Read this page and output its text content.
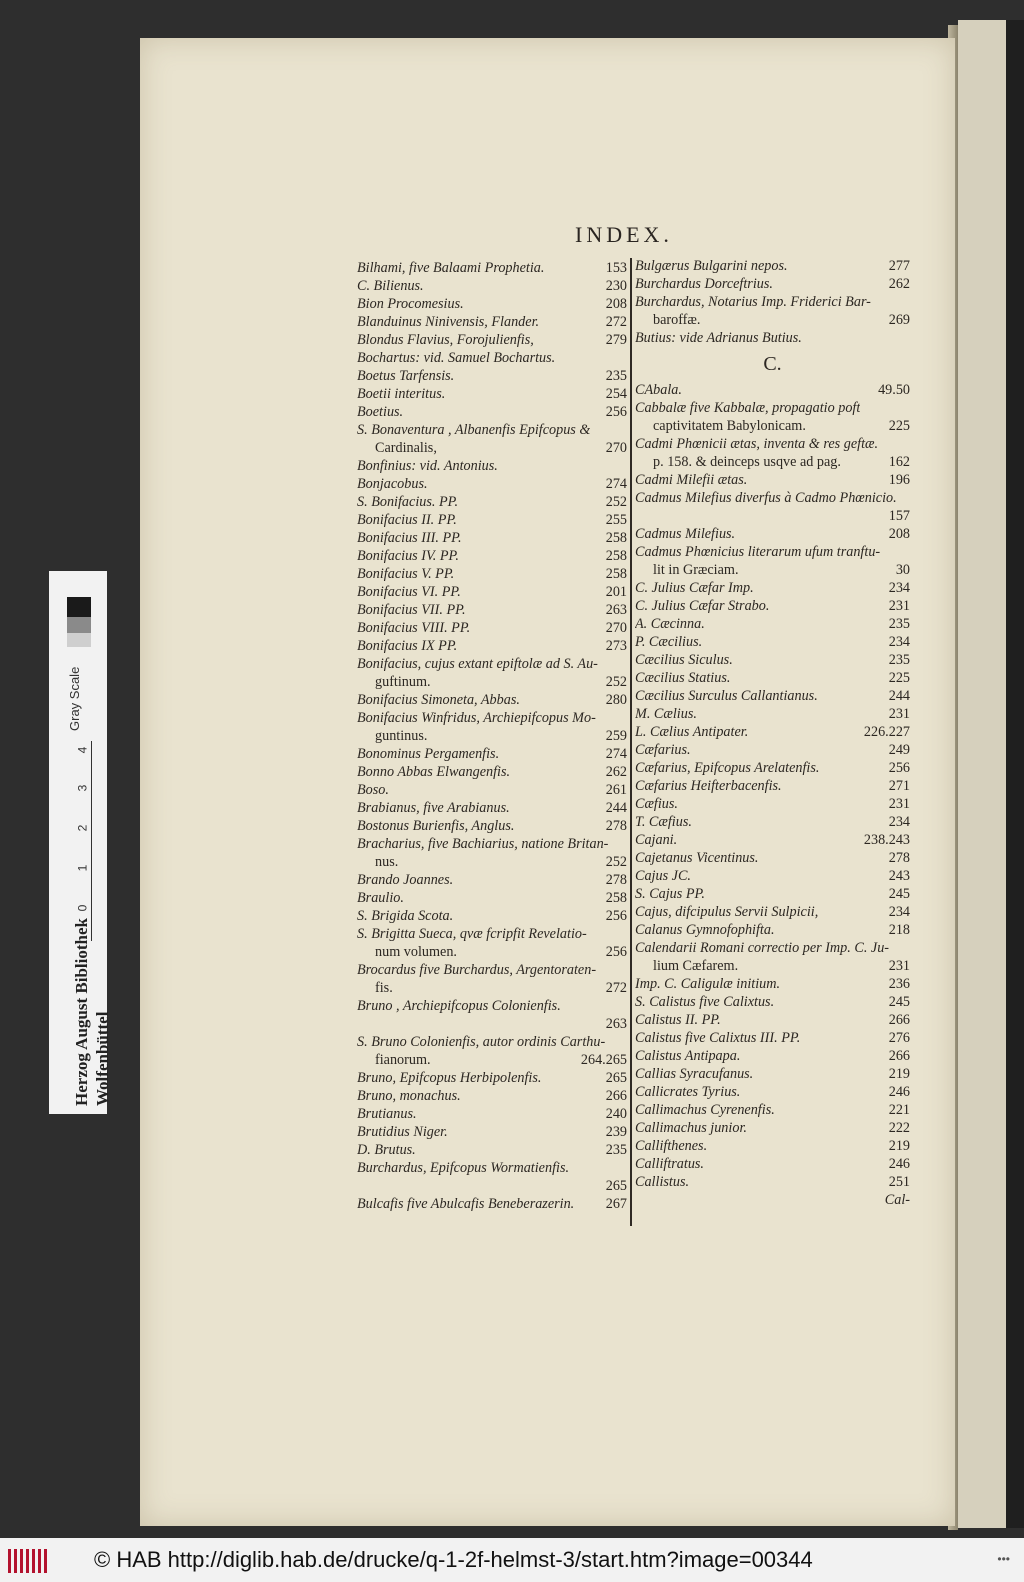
INDEX.
Bilhami, five Balaami Prophetia.	153
C. Bilienus.	230
Bion Procomesius.	208
Blanduinus Ninivensis, Flander.	272
Blondus Flavius, Forojulienfis,	279
Bochartus: vid. Samuel Bochartus.
Boetus Tarfensis.	235
Boetii interitus.	254
Boetius.	256
S. Bonaventura , Albanenfis Epifcopus &
Cardinalis,	270
Bonfinius: vid. Antonius.
Bonjacobus.	274
S. Bonifacius. PP.	252
Bonifacius II. PP.	255
Bonifacius III. PP.	258
Bonifacius IV. PP.	258
Bonifacius V. PP.	258
Bonifacius VI. PP.	201
Bonifacius VII. PP.	263
Bonifacius VIII. PP.	270
Bonifacius IX PP.	273
Bonifacius, cujus extant epiftolæ ad S. Au-
guftinum.	252
Bonifacius Simoneta, Abbas.	280
Bonifacius Winfridus, Archiepifcopus Mo-
guntinus.	259
Bonominus Pergamenfis.	274
Bonno Abbas Elwangenfis.	262
Boso.	261
Brabianus, five Arabianus.	244
Bostonus Burienfis, Anglus.	278
Bracharius, five Bachiarius, natione Britan-
nus.	252
Brando Joannes.	278
Braulio.	258
S. Brigida Scota.	256
S. Brigitta Sueca, qvæ fcripfit Revelatio-
num volumen.	256
Brocardus five Burchardus, Argentoraten-
fis.	272
Bruno , Archiepifcopus Colonienfis.
263
S. Bruno Colonienfis, autor ordinis Carthu-
fianorum.	264.265
Bruno, Epifcopus Herbipolenfis.	265
Bruno, monachus.	266
Brutianus.	240
Brutidius Niger.	239
D. Brutus.	235
Burchardus, Epifcopus Wormatienfis.
265
Bulcafis five Abulcafis Beneberazerin.	267
Bulgærus Bulgarini nepos.	277
Burchardus Dorceftrius.	262
Burchardus, Notarius Imp. Friderici Bar-
baroffæ.	269
Butius: vide Adrianus Butius.
C.
CAbala.	49.50
Cabbalæ five Kabbalæ, propagatio poft
captivitatem Babylonicam.	225
Cadmi Phœnicii ætas, inventa & res geftæ.
p. 158. & deinceps usqve ad pag.	162
Cadmi Milefii ætas.	196
Cadmus Milefius diverfus à Cadmo Phœnicio.
157
Cadmus Milefius.	208
Cadmus Phœnicius literarum ufum tranftu-
lit in Græciam.	30
C. Julius Cæfar Imp.	234
C. Julius Cæfar Strabo.	231
A. Cæcinna.	235
P. Cæcilius.	234
Cæcilius Siculus.	235
Cæcilius Statius.	225
Cæcilius Surculus Callantianus.	244
M. Cælius.	231
L. Cælius Antipater.	226.227
Cæfarius.	249
Cæfarius, Epifcopus Arelatenfis.	256
Cæfarius Heifterbacenfis.	271
Cæfius.	231
T. Cæfius.	234
Cajani.	238.243
Cajetanus Vicentinus.	278
Cajus JC.	243
S. Cajus PP.	245
Cajus, difcipulus Servii Sulpicii,	234
Calanus Gymnofophifta.	218
Calendarii Romani correctio per Imp. C. Ju-
lium Cæfarem.	231
Imp. C. Caligulæ initium.	236
S. Calistus five Calixtus.	245
Calistus II. PP.	266
Calistus five Calixtus III. PP.	276
Calistus Antipapa.	266
Callias Syracufanus.	219
Callicrates Tyrius.	246
Callimachus Cyrenenfis.	221
Callimachus junior.	222
Callifthenes.	219
Calliftratus.	246
Callistus.	251
Cal-
Gray Scale
0
1
2
3
4
Herzog August Bibliothek Wolfenbüttel
© HAB http://diglib.hab.de/drucke/q-1-2f-helmst-3/start.htm?image=00344	•••
